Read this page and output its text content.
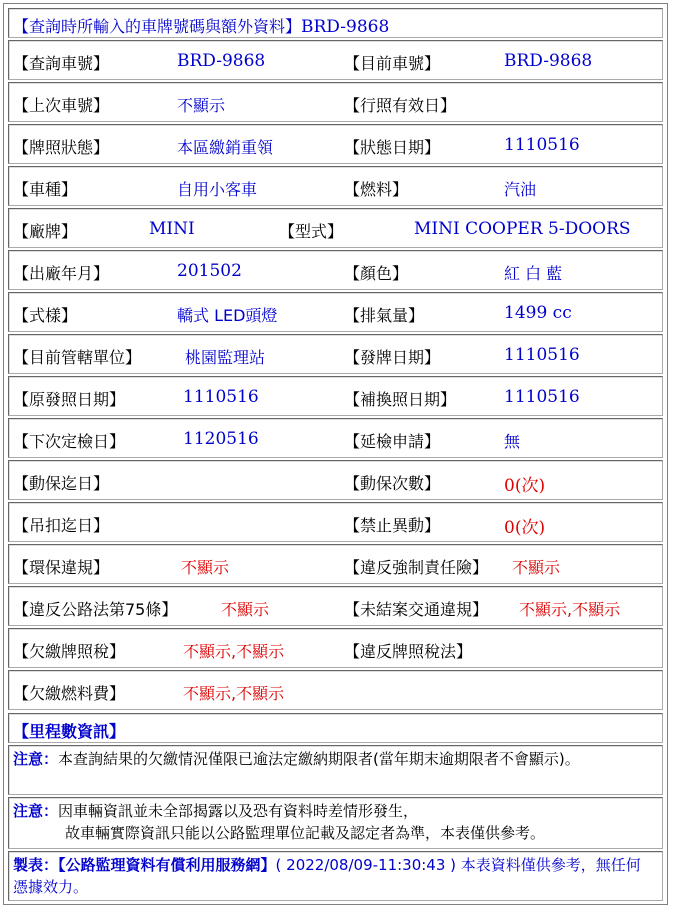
【查詢時所輸入的車牌號碼與額外資料】BRD-9868
【查詢車號】	BRD-9868	【目前車號】	BRD-9868
【上次車號】	不顯示	【行照有效日】
【牌照狀態】	本區繳銷重領	【狀態日期】	1110516
【車種】	自用小客車	【燃料】	汽油
【廠牌】	MINI	【型式】	MINI COOPER 5-DOORS
【出廠年月】	201502	【顏色】	紅 白 藍
【式樣】	轎式 LED頭燈	【排氣量】	1499 cc
【目前管轄單位】	桃園監理站	【發牌日期】	1110516
【原發照日期】	1110516	【補換照日期】	1110516
【下次定檢日】	1120516	【延檢申請】	無
【動保迄日】	【動保次數】	0(次)
【吊扣迄日】	【禁止異動】	0(次)
【環保違規】	不顯示	【違反強制責任險】 不顯示
【違反公路法第75條】	不顯示	【未結案交通違規】 不顯示,不顯示
【欠繳牌照稅】	不顯示,不顯示	【違反牌照稅法】
【欠繳燃料費】	不顯示,不顯示
【里程數資訊】
注意：本查詢結果的欠繳情況僅限已逾法定繳納期限者(當年期末逾期限者不會顯示)。
注意：因車輛資訊並未全部揭露以及恐有資料時差情形發生，
故車輛實際資訊只能以公路監理單位記載及認定者為準，本表僅供參考。
製表：【公路監理資料有償利用服務網】( 2022/08/09-11:30:43 ) 本表資料僅供參考，無任何憑據效力。
